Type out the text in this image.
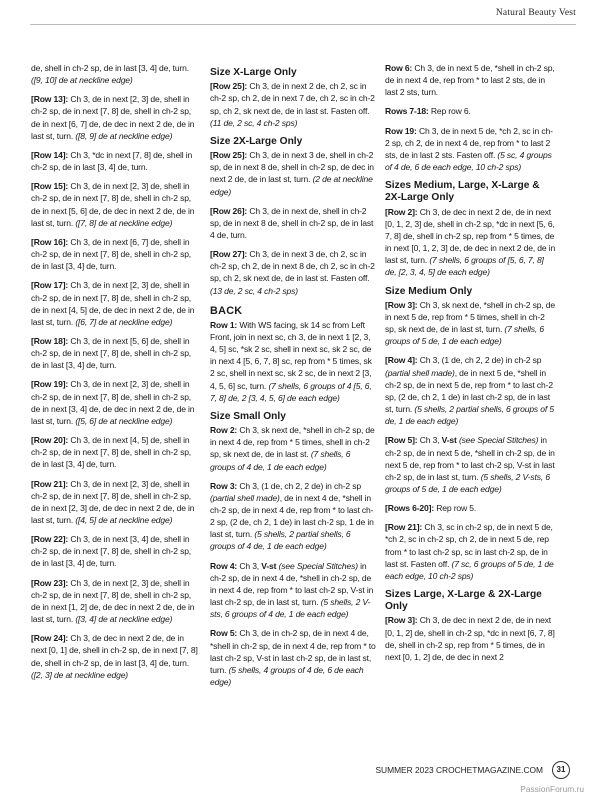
Natural Beauty Vest

de, shell in ch-2 sp, de in last [3, 4] de, turn. ([9, 10] de at neckline edge)

[Row 13]: Ch 3, de in next [2, 3] de, shell in ch-2 sp, de in next [7, 8] de, shell in ch-2 sp, de in next [6, 7] de, de dec in next 2 de, de in last st, turn. ([8, 9] de at neckline edge)

[Row 14]: Ch 3, *dc in next [7, 8] de, shell in ch-2 sp, de in last [3, 4] de, turn.

[Row 15]: Ch 3, de in next [2, 3] de, shell in ch-2 sp, de in next [7, 8] de, shell in ch-2 sp, de in next [5, 6] de, de dec in next 2 de, de in last st, turn. ([7, 8] de at neckline edge)

[Row 16]: Ch 3, de in next [6, 7] de, shell in ch-2 sp, de in next [7, 8] de, shell in ch-2 sp, de in last [3, 4] de, turn.

[Row 17]: Ch 3, de in next [2, 3] de, shell in ch-2 sp, de in next [7, 8] de, shell in ch-2 sp, de in next [4, 5] de, de dec in next 2 de, de in last st, turn. ([6, 7] de at neckline edge)

[Row 18]: Ch 3, de in next [5, 6] de, shell in ch-2 sp, de in next [7, 8] de, shell in ch-2 sp, de in last [3, 4] de, turn.

[Row 19]: Ch 3, de in next [2, 3] de, shell in ch-2 sp, de in next [7, 8] de, shell in ch-2 sp, de in next [3, 4] de, de dec in next 2 de, de in last st, turn. ([5, 6] de at neckline edge)

[Row 20]: Ch 3, de in next [4, 5] de, shell in ch-2 sp, de in next [7, 8] de, shell in ch-2 sp, de in last [3, 4] de, turn.

[Row 21]: Ch 3, de in next [2, 3] de, shell in ch-2 sp, de in next [7, 8] de, shell in ch-2 sp, de in next [2, 3] de, de dec in next 2 de, de in last st, turn. ([4, 5] de at neckline edge)

[Row 22]: Ch 3, de in next [3, 4] de, shell in ch-2 sp, de in next [7, 8] de, shell in ch-2 sp, de in last [3, 4] de, turn.

[Row 23]: Ch 3, de in next [2, 3] de, shell in ch-2 sp, de in next [7, 8] de, shell in ch-2 sp, de in next [1, 2] de, de dec in next 2 de, de in last st, turn. ([3, 4] de at neckline edge)

[Row 24]: Ch 3, de dec in next 2 de, de in next [0, 1] de, shell in ch-2 sp, de in next [7, 8] de, shell in ch-2 sp, de in last [3, 4] de, turn. ([2, 3] de at neckline edge)

Size X-Large Only

[Row 25]: Ch 3, de in next 2 de, ch 2, sc in ch-2 sp, ch 2, de in next 7 de, ch 2, sc in ch-2 sp, ch 2, sk next de, de in last st. Fasten off. (11 de, 2 sc, 4 ch-2 sps)

Size 2X-Large Only

[Row 25]: Ch 3, de in next 3 de, shell in ch-2 sp, de in next 8 de, shell in ch-2 sp, de dec in next 2 de, de in last st, turn. (2 de at neckline edge)

[Row 26]: Ch 3, de in next de, shell in ch-2 sp, de in next 8 de, shell in ch-2 sp, de in last 4 de, turn.

[Row 27]: Ch 3, de in next 3 de, ch 2, sc in ch-2 sp, ch 2, de in next 8 de, ch 2, sc in ch-2 sp, ch 2, sk next de, de in last st. Fasten off. (13 de, 2 sc, 4 ch-2 sps)

BACK

Row 1: With WS facing, sk 14 sc from Left Front, join in next sc, ch 3, de in next 1 [2, 3, 4, 5] sc, *sk 2 sc, shell in next sc, sk 2 sc, de in next 4 [5, 6, 7, 8] sc, rep from * 5 times, sk 2 sc, shell in next sc, sk 2 sc, de in next 2 [3, 4, 5, 6] sc, turn. (7 shells, 6 groups of 4 [5, 6, 7, 8] de, 2 [3, 4, 5, 6] de each edge)

Size Small Only

Row 2: Ch 3, sk next de, *shell in ch-2 sp, de in next 4 de, rep from * 5 times, shell in ch-2 sp, sk next de, de in last st. (7 shells, 6 groups of 4 de, 1 de each edge)

Row 3: Ch 3, (1 de, ch 2, 2 de) in ch-2 sp (partial shell made), de in next 4 de, *shell in ch-2 sp, de in next 4 de, rep from * to last ch-2 sp, (2 de, ch 2, 1 de) in last ch-2 sp, 1 de in last st, turn. (5 shells, 2 partial shells, 6 groups of 4 de, 1 de each edge)

Row 4: Ch 3, V-st (see Special Stitches) in ch-2 sp, de in next 4 de, *shell in ch-2 sp, de in next 4 de, rep from * to last ch-2 sp, V-st in last ch-2 sp, de in last st, turn. (5 shells, 2 V-sts, 6 groups of 4 de, 1 de each edge)

Row 5: Ch 3, de in ch-2 sp, de in next 4 de, *shell in ch-2 sp, de in next 4 de, rep from * to last ch-2 sp, V-st in last ch-2 sp, de in last st, turn. (5 shells, 4 groups of 4 de, 6 de each edge)

Row 6: Ch 3, de in next 5 de, *shell in ch-2 sp, de in next 4 de, rep from * to last 2 sts, de in last 2 sts, turn.

Rows 7-18: Rep row 6.

Row 19: Ch 3, de in next 5 de, *ch 2, sc in ch-2 sp, ch 2, de in next 4 de, rep from * to last 2 sts, de in last 2 sts. Fasten off. (5 sc, 4 groups of 4 de, 6 de each edge, 10 ch-2 sps)

Sizes Medium, Large, X-Large & 2X-Large Only

[Row 2]: Ch 3, de dec in next 2 de, de in next [0, 1, 2, 3] de, shell in ch-2 sp, *dc in next [5, 6, 7, 8] de, shell in ch-2 sp, rep from * 5 times, de in next [0, 1, 2, 3] de, de dec in next 2 de, de in last st, turn. (7 shells, 6 groups of [5, 6, 7, 8] de, [2, 3, 4, 5] de each edge)

Size Medium Only

[Row 3]: Ch 3, sk next de, *shell in ch-2 sp, de in next 5 de, rep from * 5 times, shell in ch-2 sp, sk next de, de in last st, turn. (7 shells, 6 groups of 5 de, 1 de each edge)

[Row 4]: Ch 3, (1 de, ch 2, 2 de) in ch-2 sp (partial shell made), de in next 5 de, *shell in ch-2 sp, de in next 5 de, rep from * to last ch-2 sp, (2 de, ch 2, 1 de) in last ch-2 sp, de in last st, turn. (5 shells, 2 partial shells, 6 groups of 5 de, 1 de each edge)

[Row 5]: Ch 3, V-st (see Special Stitches) in ch-2 sp, de in next 5 de, *shell in ch-2 sp, de in next 5 de, rep from * to last ch-2 sp, V-st in last ch-2 sp, de in last st, turn. (5 shells, 2 V-sts, 6 groups of 5 de, 1 de each edge)

[Rows 6-20]: Rep row 5.

[Row 21]: Ch 3, sc in ch-2 sp, de in next 5 de, *ch 2, sc in ch-2 sp, ch 2, de in next 5 de, rep from * to last ch-2 sp, sc in last ch-2 sp, de in last st. Fasten off. (7 sc, 6 groups of 5 de, 1 de each edge, 10 ch-2 sps)

Sizes Large, X-Large & 2X-Large Only

[Row 3]: Ch 3, de dec in next 2 de, de in next [0, 1, 2] de, shell in ch-2 sp, *dc in next [6, 7, 8] de, shell in ch-2 sp, rep from * 5 times, de in next [0, 1, 2] de, de dec in next 2

SUMMER 2023 CROCHETMAGAZINE.COM	31
PassionForum.ru
